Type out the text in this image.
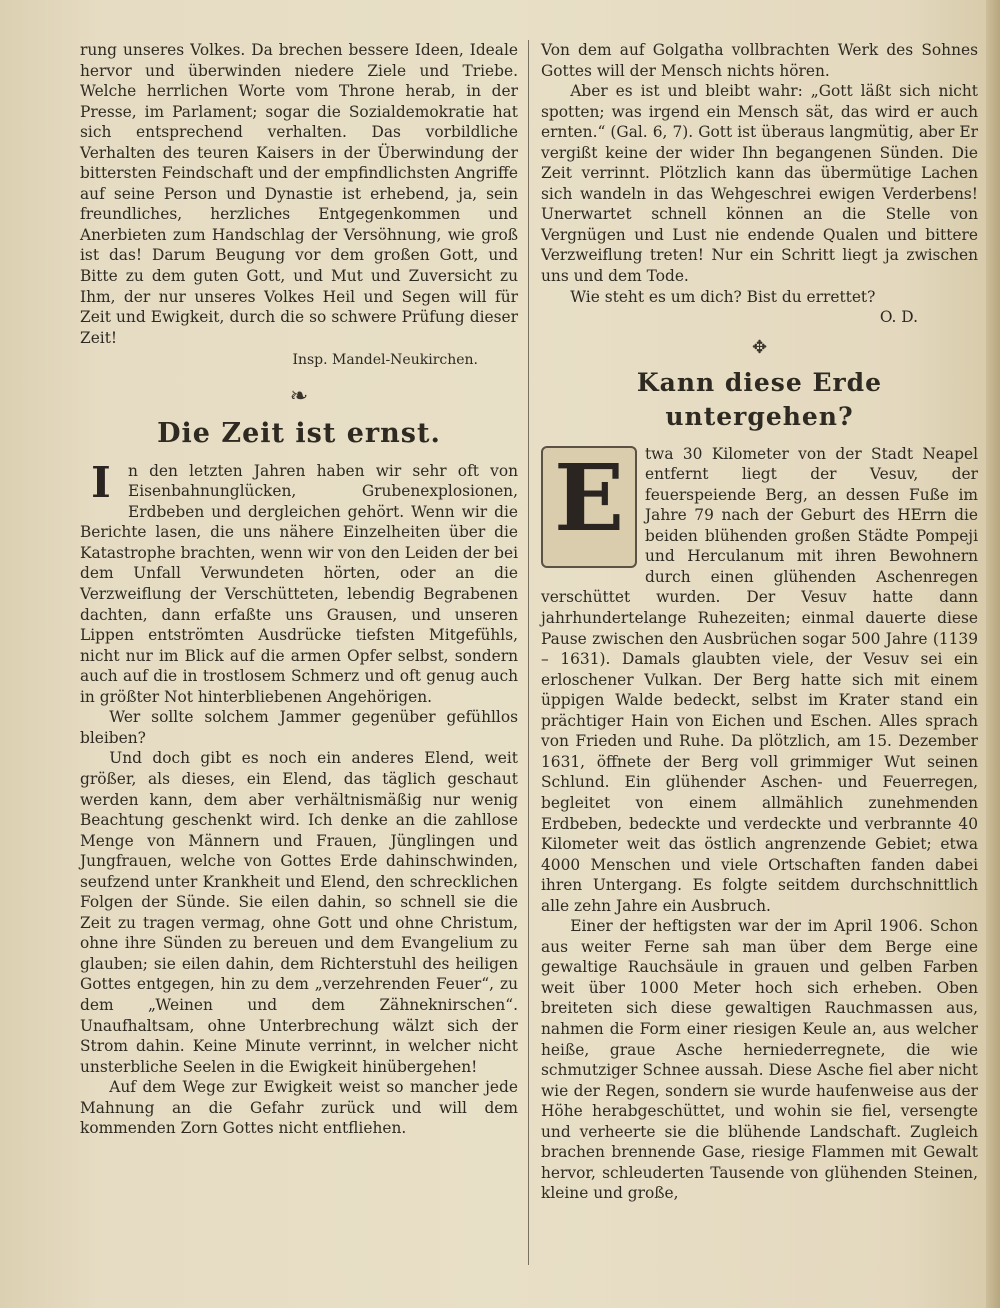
rung unseres Volkes. Da brechen bessere Ideen, Ideale hervor und überwinden niedere Ziele und Triebe. Welche herrlichen Worte vom Throne herab, in der Presse, im Parlament; sogar die Sozialdemokratie hat sich entsprechend verhalten. Das vorbildliche Verhalten des teuren Kaisers in der Überwindung der bittersten Feindschaft und der empfindlichsten Angriffe auf seine Person und Dynastie ist erhebend, ja, sein freundliches, herzliches Entgegenkommen und Anerbieten zum Handschlag der Versöhnung, wie groß ist das! Darum Beugung vor dem großen Gott, und Bitte zu dem guten Gott, und Mut und Zuversicht zu Ihm, der nur unseres Volkes Heil und Segen will für Zeit und Ewigkeit, durch die so schwere Prüfung dieser Zeit!

Insp. Mandel-Neukirchen.
❧
Die Zeit ist ernst.
I	n den letzten Jahren haben wir sehr oft von Eisenbahnunglücken, Grubenexplosionen, Erdbeben und dergleichen gehört. Wenn wir die Berichte lasen, die uns nähere Einzelheiten über die Katastrophe brachten, wenn wir von den Leiden der bei dem Unfall Verwundeten hörten, oder an die Verzweiflung der Verschütteten, lebendig Begrabenen dachten, dann erfaßte uns Grausen, und unseren Lippen entströmten Ausdrücke tiefsten Mitgefühls, nicht nur im Blick auf die armen Opfer selbst, sondern auch auf die in trostlosem Schmerz und oft genug auch in größter Not hinterbliebenen Angehörigen.

Wer sollte solchem Jammer gegenüber gefühllos bleiben?

Und doch gibt es noch ein anderes Elend, weit größer, als dieses, ein Elend, das täglich geschaut werden kann, dem aber verhältnismäßig nur wenig Beachtung geschenkt wird. Ich denke an die zahllose Menge von Männern und Frauen, Jünglingen und Jungfrauen, welche von Gottes Erde dahinschwinden, seufzend unter Krankheit und Elend, den schrecklichen Folgen der Sünde. Sie eilen dahin, so schnell sie die Zeit zu tragen vermag, ohne Gott und ohne Christum, ohne ihre Sünden zu bereuen und dem Evangelium zu glauben; sie eilen dahin, dem Richterstuhl des heiligen Gottes entgegen, hin zu dem „verzehrenden Feuer“, zu dem „Weinen und dem Zähneknirschen“. Unaufhaltsam, ohne Unterbrechung wälzt sich der Strom dahin. Keine Minute verrinnt, in welcher nicht unsterbliche Seelen in die Ewigkeit hinübergehen!

Auf dem Wege zur Ewigkeit weist so mancher jede Mahnung an die Gefahr zurück und will dem kommenden Zorn Gottes nicht entfliehen.

Von dem auf Golgatha vollbrachten Werk des Sohnes Gottes will der Mensch nichts hören.

Aber es ist und bleibt wahr: „Gott läßt sich nicht spotten; was irgend ein Mensch sät, das wird er auch ernten.“ (Gal. 6, 7). Gott ist überaus langmütig, aber Er vergißt keine der wider Ihn begangenen Sünden. Die Zeit verrinnt. Plötzlich kann das übermütige Lachen sich wandeln in das Wehgeschrei ewigen Verderbens! Unerwartet schnell können an die Stelle von Vergnügen und Lust nie endende Qualen und bittere Verzweiflung treten! Nur ein Schritt liegt ja zwischen uns und dem Tode.

Wie steht es um dich? Bist du errettet?

O. D.
✥
Kann diese Erde untergehen?
E	twa 30 Kilometer von der Stadt Neapel entfernt liegt der Vesuv, der feuerspeiende Berg, an dessen Fuße im Jahre 79 nach der Geburt des HErrn die beiden blühenden großen Städte Pompeji und Herculanum mit ihren Bewohnern durch einen glühenden Aschenregen verschüttet wurden. Der Vesuv hatte dann jahrhundertelange Ruhezeiten; einmal dauerte diese Pause zwischen den Ausbrüchen sogar 500 Jahre (1139 – 1631). Damals glaubten viele, der Vesuv sei ein erloschener Vulkan. Der Berg hatte sich mit einem üppigen Walde bedeckt, selbst im Krater stand ein prächtiger Hain von Eichen und Eschen. Alles sprach von Frieden und Ruhe. Da plötzlich, am 15. Dezember 1631, öffnete der Berg voll grimmiger Wut seinen Schlund. Ein glühender Aschen- und Feuerregen, begleitet von einem allmählich zunehmenden Erdbeben, bedeckte und verdeckte und verbrannte 40 Kilometer weit das östlich angrenzende Gebiet; etwa 4000 Menschen und viele Ortschaften fanden dabei ihren Untergang. Es folgte seitdem durchschnittlich alle zehn Jahre ein Ausbruch.

Einer der heftigsten war der im April 1906. Schon aus weiter Ferne sah man über dem Berge eine gewaltige Rauchsäule in grauen und gelben Farben weit über 1000 Meter hoch sich erheben. Oben breiteten sich diese gewaltigen Rauchmassen aus, nahmen die Form einer riesigen Keule an, aus welcher heiße, graue Asche herniederregnete, die wie schmutziger Schnee aussah. Diese Asche fiel aber nicht wie der Regen, sondern sie wurde haufenweise aus der Höhe herabgeschüttet, und wohin sie fiel, versengte und verheerte sie die blühende Landschaft. Zugleich brachen brennende Gase, riesige Flammen mit Gewalt hervor, schleuderten Tausende von glühenden Steinen, kleine und große,
